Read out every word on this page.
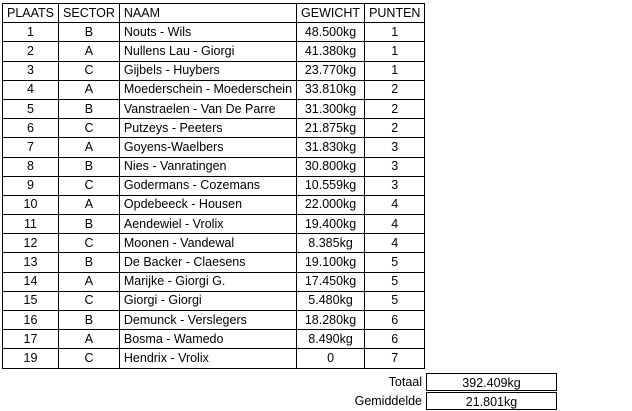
PLAATS	SECTOR	NAAM	GEWICHT	PUNTEN
1	B	Nouts - Wils	48.500kg	1
2	A	Nullens Lau - Giorgi	41.380kg	1
3	C	Gijbels - Huybers	23.770kg	1
4	A	Moederschein - Moederschein	33.810kg	2
5	B	Vanstraelen - Van De Parre	31.300kg	2
6	C	Putzeys - Peeters	21.875kg	2
7	A	Goyens-Waelbers	31.830kg	3
8	B	Nies - Vanratingen	30.800kg	3
9	C	Godermans - Cozemans	10.559kg	3
10	A	Opdebeeck - Housen	22.000kg	4
11	B	Aendewiel - Vrolix	19.400kg	4
12	C	Moonen - Vandewal	8.385kg	4
13	B	De Backer - Claesens	19.100kg	5
14	A	Marijke - Giorgi G.	17.450kg	5
15	C	Giorgi - Giorgi	5.480kg	5
16	B	Demunck - Verslegers	18.280kg	6
17	A	Bosma - Wamedo	8.490kg	6
19	C	Hendrix - Vrolix	0	7
Totaal	392.409kg
Gemiddelde	21.801kg
